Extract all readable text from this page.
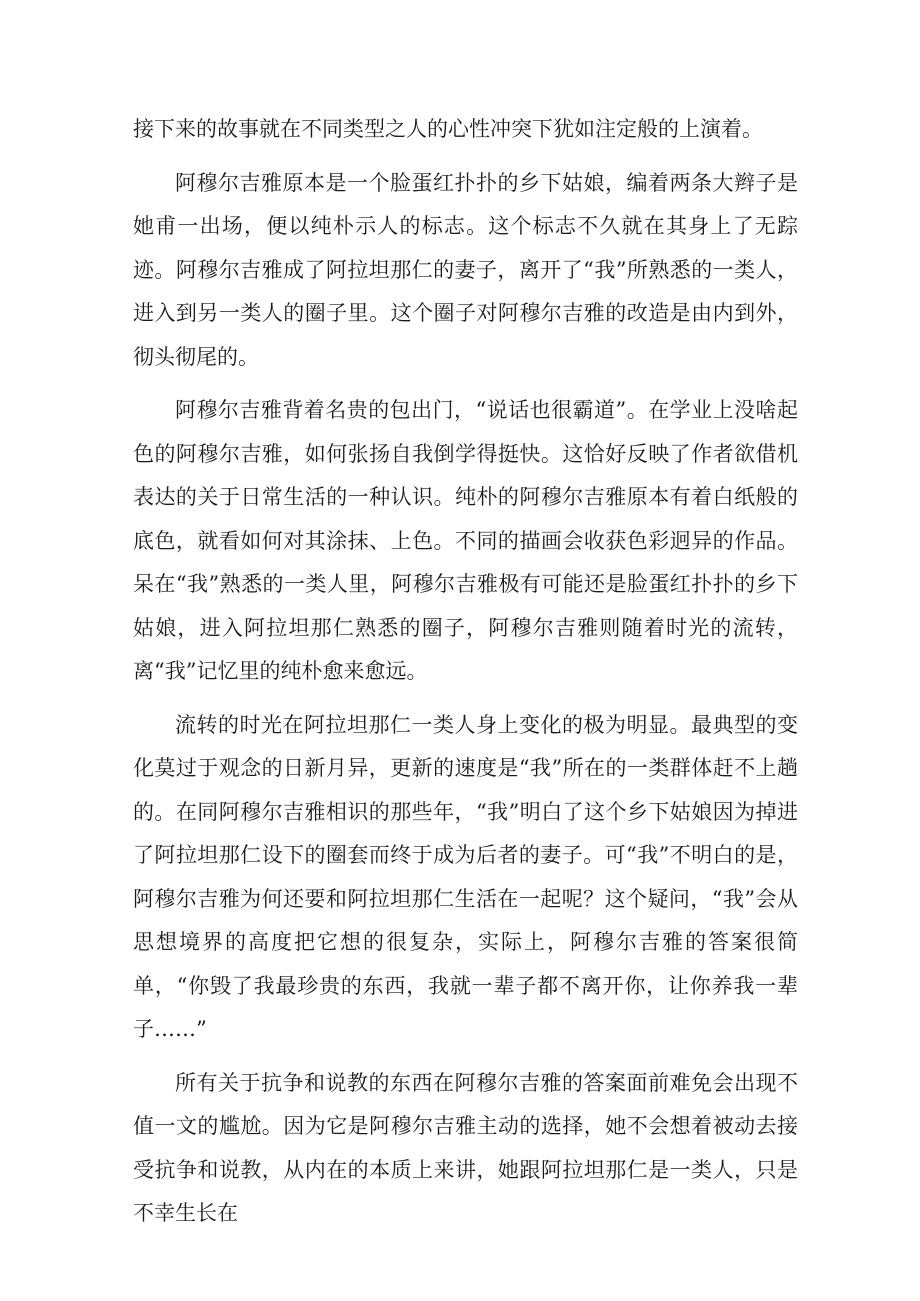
接下来的故事就在不同类型之人的心性冲突下犹如注定般的上演着。

阿穆尔吉雅原本是一个脸蛋红扑扑的乡下姑娘，编着两条大辫子是她甫一出场，便以纯朴示人的标志。这个标志不久就在其身上了无踪迹。阿穆尔吉雅成了阿拉坦那仁的妻子，离开了“我”所熟悉的一类人，进入到另一类人的圈子里。这个圈子对阿穆尔吉雅的改造是由内到外，彻头彻尾的。

阿穆尔吉雅背着名贵的包出门，“说话也很霸道”。在学业上没啥起色的阿穆尔吉雅，如何张扬自我倒学得挺快。这恰好反映了作者欲借机表达的关于日常生活的一种认识。纯朴的阿穆尔吉雅原本有着白纸般的底色，就看如何对其涂抹、上色。不同的描画会收获色彩迥异的作品。呆在“我”熟悉的一类人里，阿穆尔吉雅极有可能还是脸蛋红扑扑的乡下姑娘，进入阿拉坦那仁熟悉的圈子，阿穆尔吉雅则随着时光的流转，离“我”记忆里的纯朴愈来愈远。

流转的时光在阿拉坦那仁一类人身上变化的极为明显。最典型的变化莫过于观念的日新月异，更新的速度是“我”所在的一类群体赶不上趟的。在同阿穆尔吉雅相识的那些年，“我”明白了这个乡下姑娘因为掉进了阿拉坦那仁设下的圈套而终于成为后者的妻子。可“我”不明白的是，阿穆尔吉雅为何还要和阿拉坦那仁生活在一起呢？这个疑问，“我”会从思想境界的高度把它想的很复杂，实际上，阿穆尔吉雅的答案很简单，“你毁了我最珍贵的东西，我就一辈子都不离开你，让你养我一辈子……”

所有关于抗争和说教的东西在阿穆尔吉雅的答案面前难免会出现不值一文的尴尬。因为它是阿穆尔吉雅主动的选择，她不会想着被动去接受抗争和说教，从内在的本质上来讲，她跟阿拉坦那仁是一类人，只是不幸生长在
